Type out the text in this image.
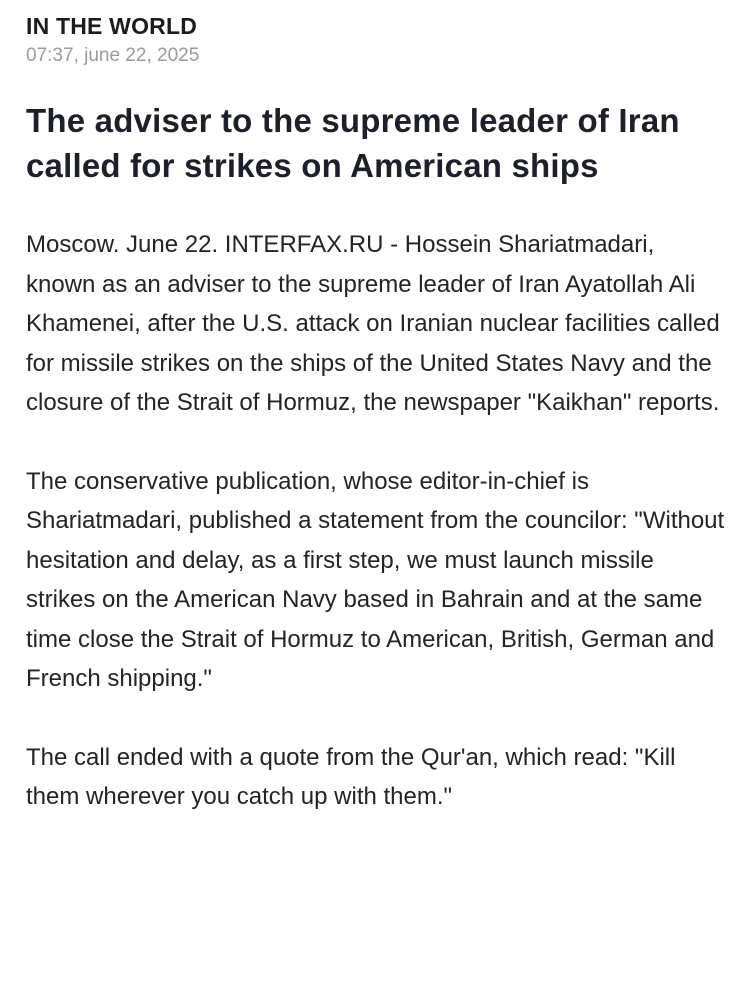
IN THE WORLD
07:37, june 22, 2025
The adviser to the supreme leader of Iran called for strikes on American ships

Moscow. June 22. INTERFAX.RU - Hossein Shariatmadari, known as an adviser to the supreme leader of Iran Ayatollah Ali Khamenei, after the U.S. attack on Iranian nuclear facilities called for missile strikes on the ships of the United States Navy and the closure of the Strait of Hormuz, the newspaper "Kaikhan" reports.

The conservative publication, whose editor-in-chief is Shariatmadari, published a statement from the councilor: "Without hesitation and delay, as a first step, we must launch missile strikes on the American Navy based in Bahrain and at the same time close the Strait of Hormuz to American, British, German and French shipping."

The call ended with a quote from the Qur'an, which read: "Kill them wherever you catch up with them."
